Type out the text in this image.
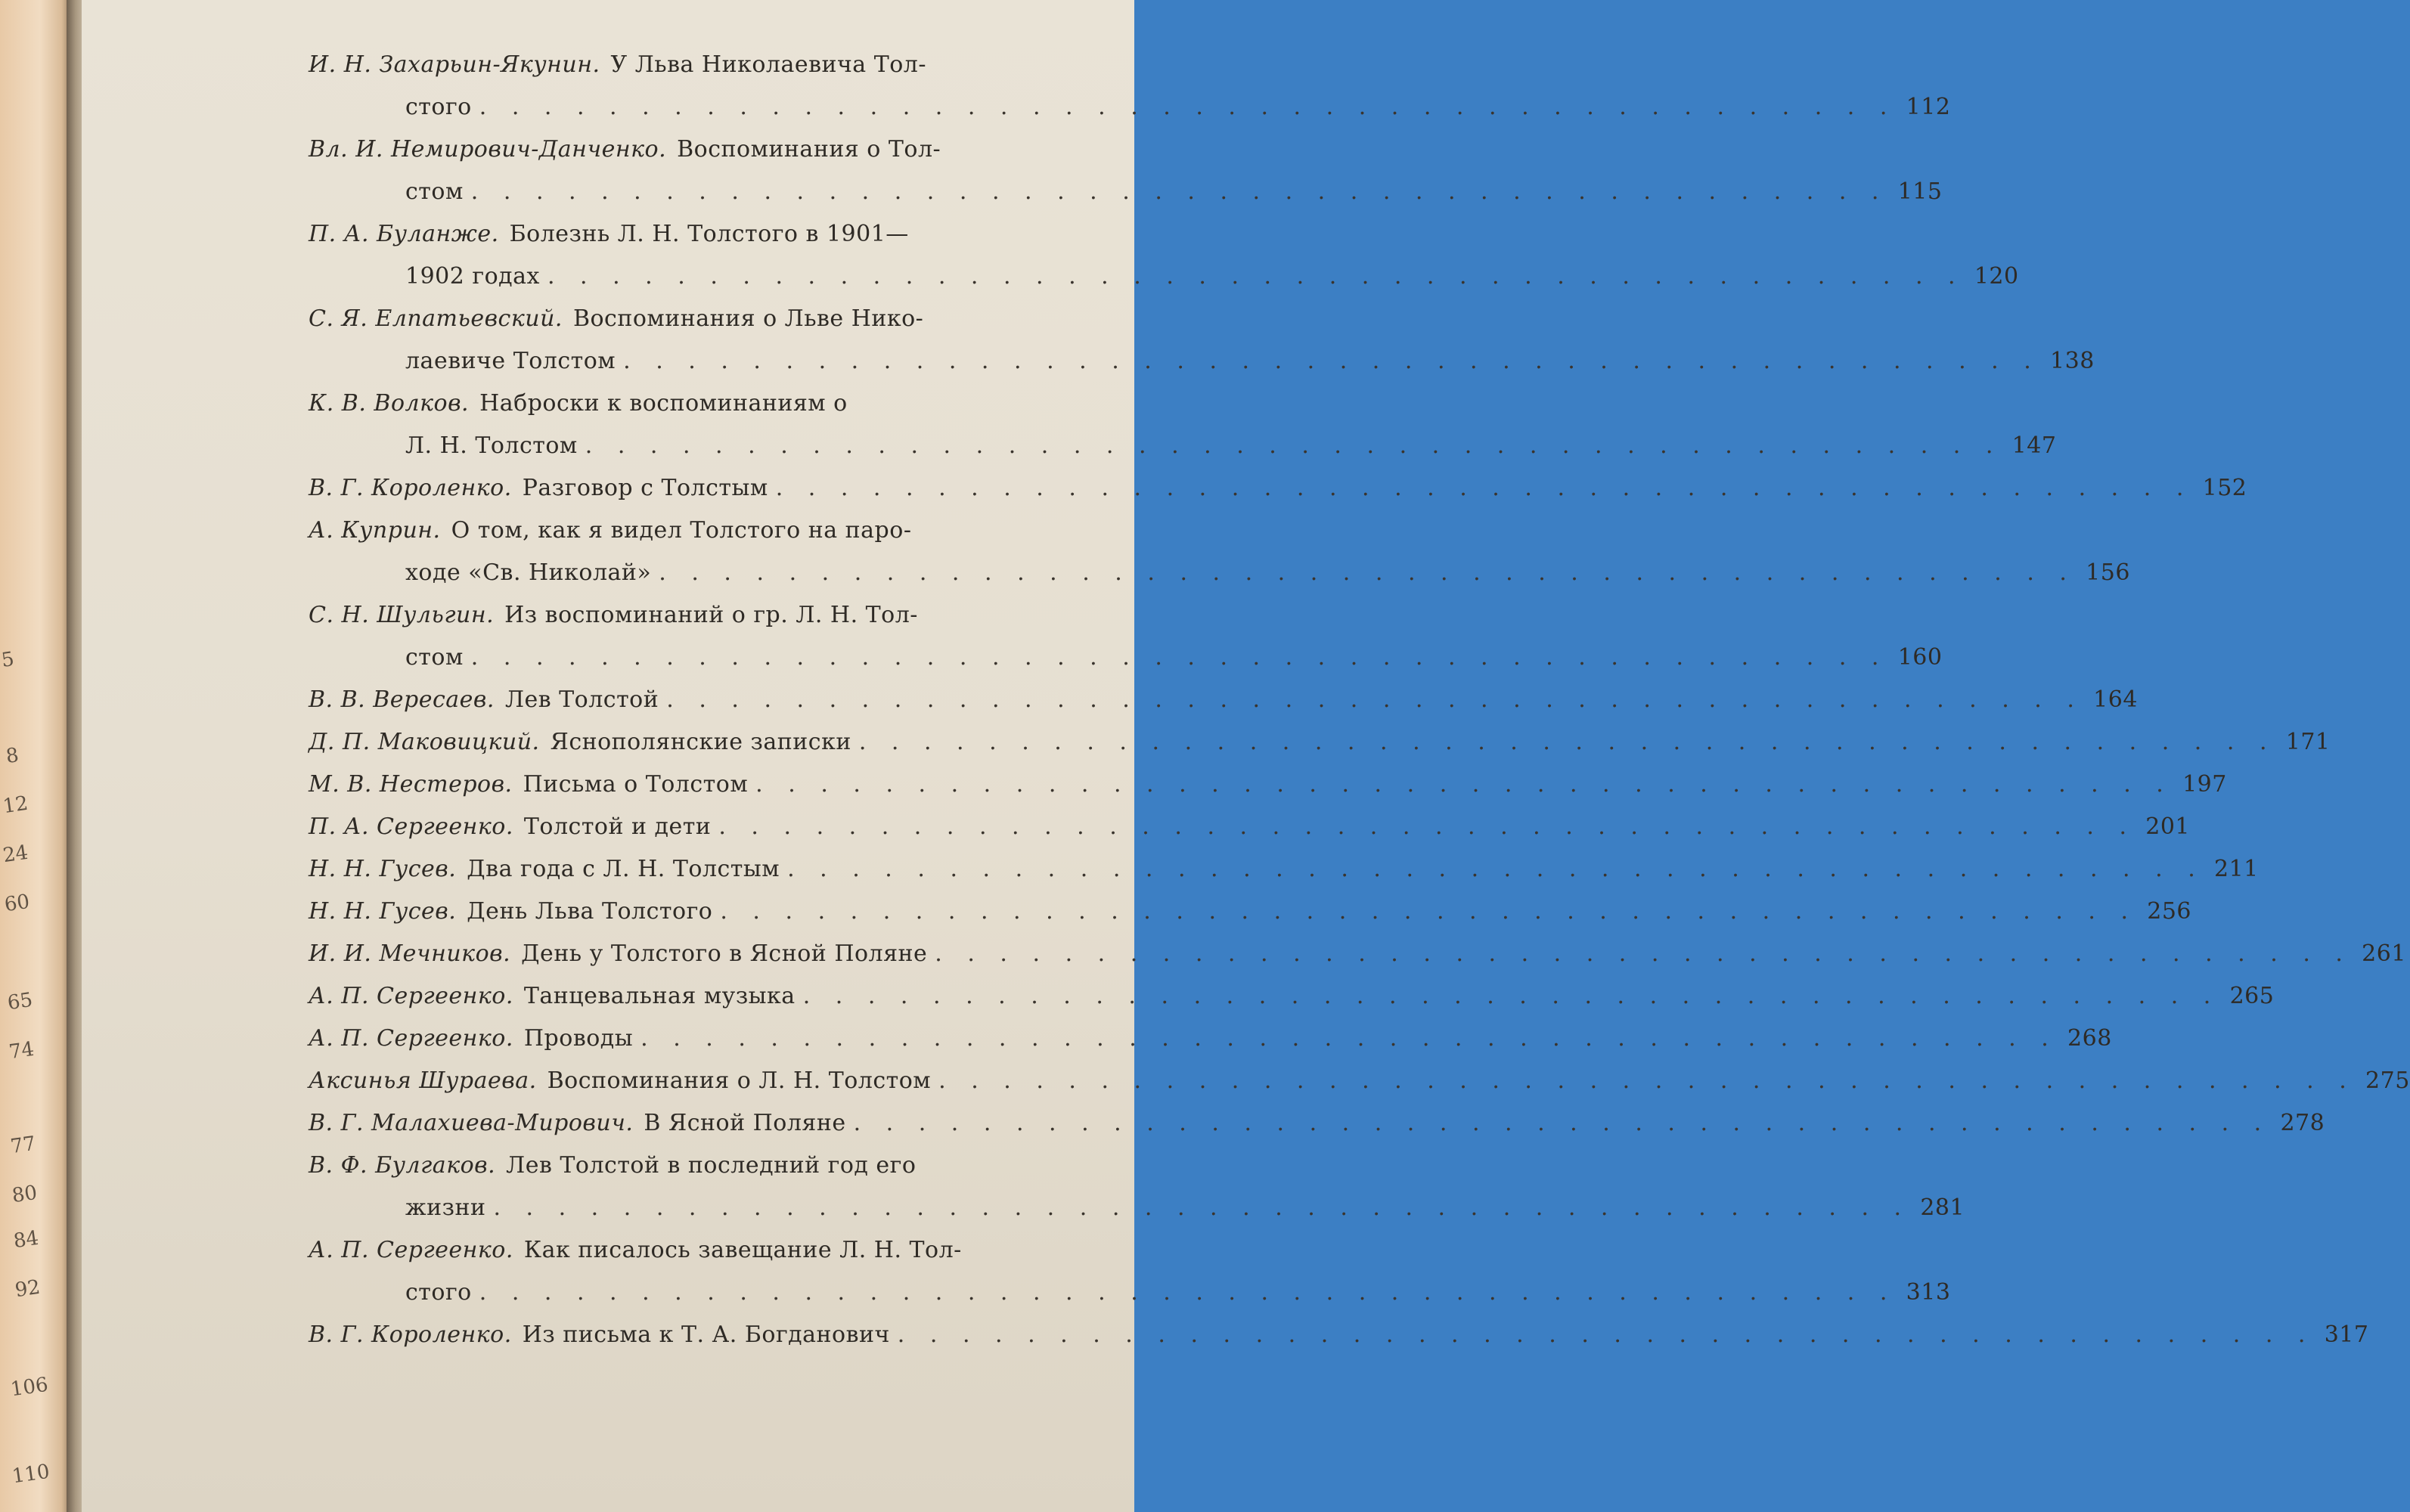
5
8
12
24
60
65
74
77
80
84
92
106
110
И. Н. Захарьин-Якунин. У Льва Николаевича Тол-
стого . . . . . . . . . . . . . . . . . . . . . . . . . . . . . . . . . . . . . . . . . . . . 112
Вл. И. Немирович-Данченко. Воспоминания о Тол-
стом . . . . . . . . . . . . . . . . . . . . . . . . . . . . . . . . . . . . . . . . . . . . 115
П. А. Буланже. Болезнь Л. Н. Толстого в 1901—
1902 годах . . . . . . . . . . . . . . . . . . . . . . . . . . . . . . . . . . . . . . . . . . . . 120
С. Я. Елпатьевский. Воспоминания о Льве Нико-
лаевиче Толстом . . . . . . . . . . . . . . . . . . . . . . . . . . . . . . . . . . . . . . . . . . . . 138
К. В. Волков. Наброски к воспоминаниям о
Л. Н. Толстом . . . . . . . . . . . . . . . . . . . . . . . . . . . . . . . . . . . . . . . . . . . . 147
В. Г. Короленко. Разговор с Толстым . . . . . . . . . . . . . . . . . . . . . . . . . . . . . . . . . . . . . . . . . . . . 152
А. Куприн. О том, как я видел Толстого на паро-
ходе «Св. Николай» . . . . . . . . . . . . . . . . . . . . . . . . . . . . . . . . . . . . . . . . . . . . 156
С. Н. Шульгин. Из воспоминаний о гр. Л. Н. Тол-
стом . . . . . . . . . . . . . . . . . . . . . . . . . . . . . . . . . . . . . . . . . . . . 160
В. В. Вересаев. Лев Толстой . . . . . . . . . . . . . . . . . . . . . . . . . . . . . . . . . . . . . . . . . . . . 164
Д. П. Маковицкий. Яснополянские записки . . . . . . . . . . . . . . . . . . . . . . . . . . . . . . . . . . . . . . . . . . . . 171
М. В. Нестеров. Письма о Толстом . . . . . . . . . . . . . . . . . . . . . . . . . . . . . . . . . . . . . . . . . . . . 197
П. А. Сергеенко. Толстой и дети . . . . . . . . . . . . . . . . . . . . . . . . . . . . . . . . . . . . . . . . . . . . 201
Н. Н. Гусев. Два года с Л. Н. Толстым . . . . . . . . . . . . . . . . . . . . . . . . . . . . . . . . . . . . . . . . . . . . 211
Н. Н. Гусев. День Льва Толстого . . . . . . . . . . . . . . . . . . . . . . . . . . . . . . . . . . . . . . . . . . . . 256
И. И. Мечников. День у Толстого в Ясной Поляне . . . . . . . . . . . . . . . . . . . . . . . . . . . . . . . . . . . . . . . . . . . . 261
А. П. Сергеенко. Танцевальная музыка . . . . . . . . . . . . . . . . . . . . . . . . . . . . . . . . . . . . . . . . . . . . 265
А. П. Сергеенко. Проводы . . . . . . . . . . . . . . . . . . . . . . . . . . . . . . . . . . . . . . . . . . . . 268
Аксинья Шураева. Воспоминания о Л. Н. Толстом . . . . . . . . . . . . . . . . . . . . . . . . . . . . . . . . . . . . . . . . . . . . 275
В. Г. Малахиева-Мирович. В Ясной Поляне . . . . . . . . . . . . . . . . . . . . . . . . . . . . . . . . . . . . . . . . . . . . 278
В. Ф. Булгаков. Лев Толстой в последний год его
жизни . . . . . . . . . . . . . . . . . . . . . . . . . . . . . . . . . . . . . . . . . . . . 281
А. П. Сергеенко. Как писалось завещание Л. Н. Тол-
стого . . . . . . . . . . . . . . . . . . . . . . . . . . . . . . . . . . . . . . . . . . . . 313
В. Г. Короленко. Из письма к Т. А. Богданович . . . . . . . . . . . . . . . . . . . . . . . . . . . . . . . . . . . . . . . . . . . . 317
